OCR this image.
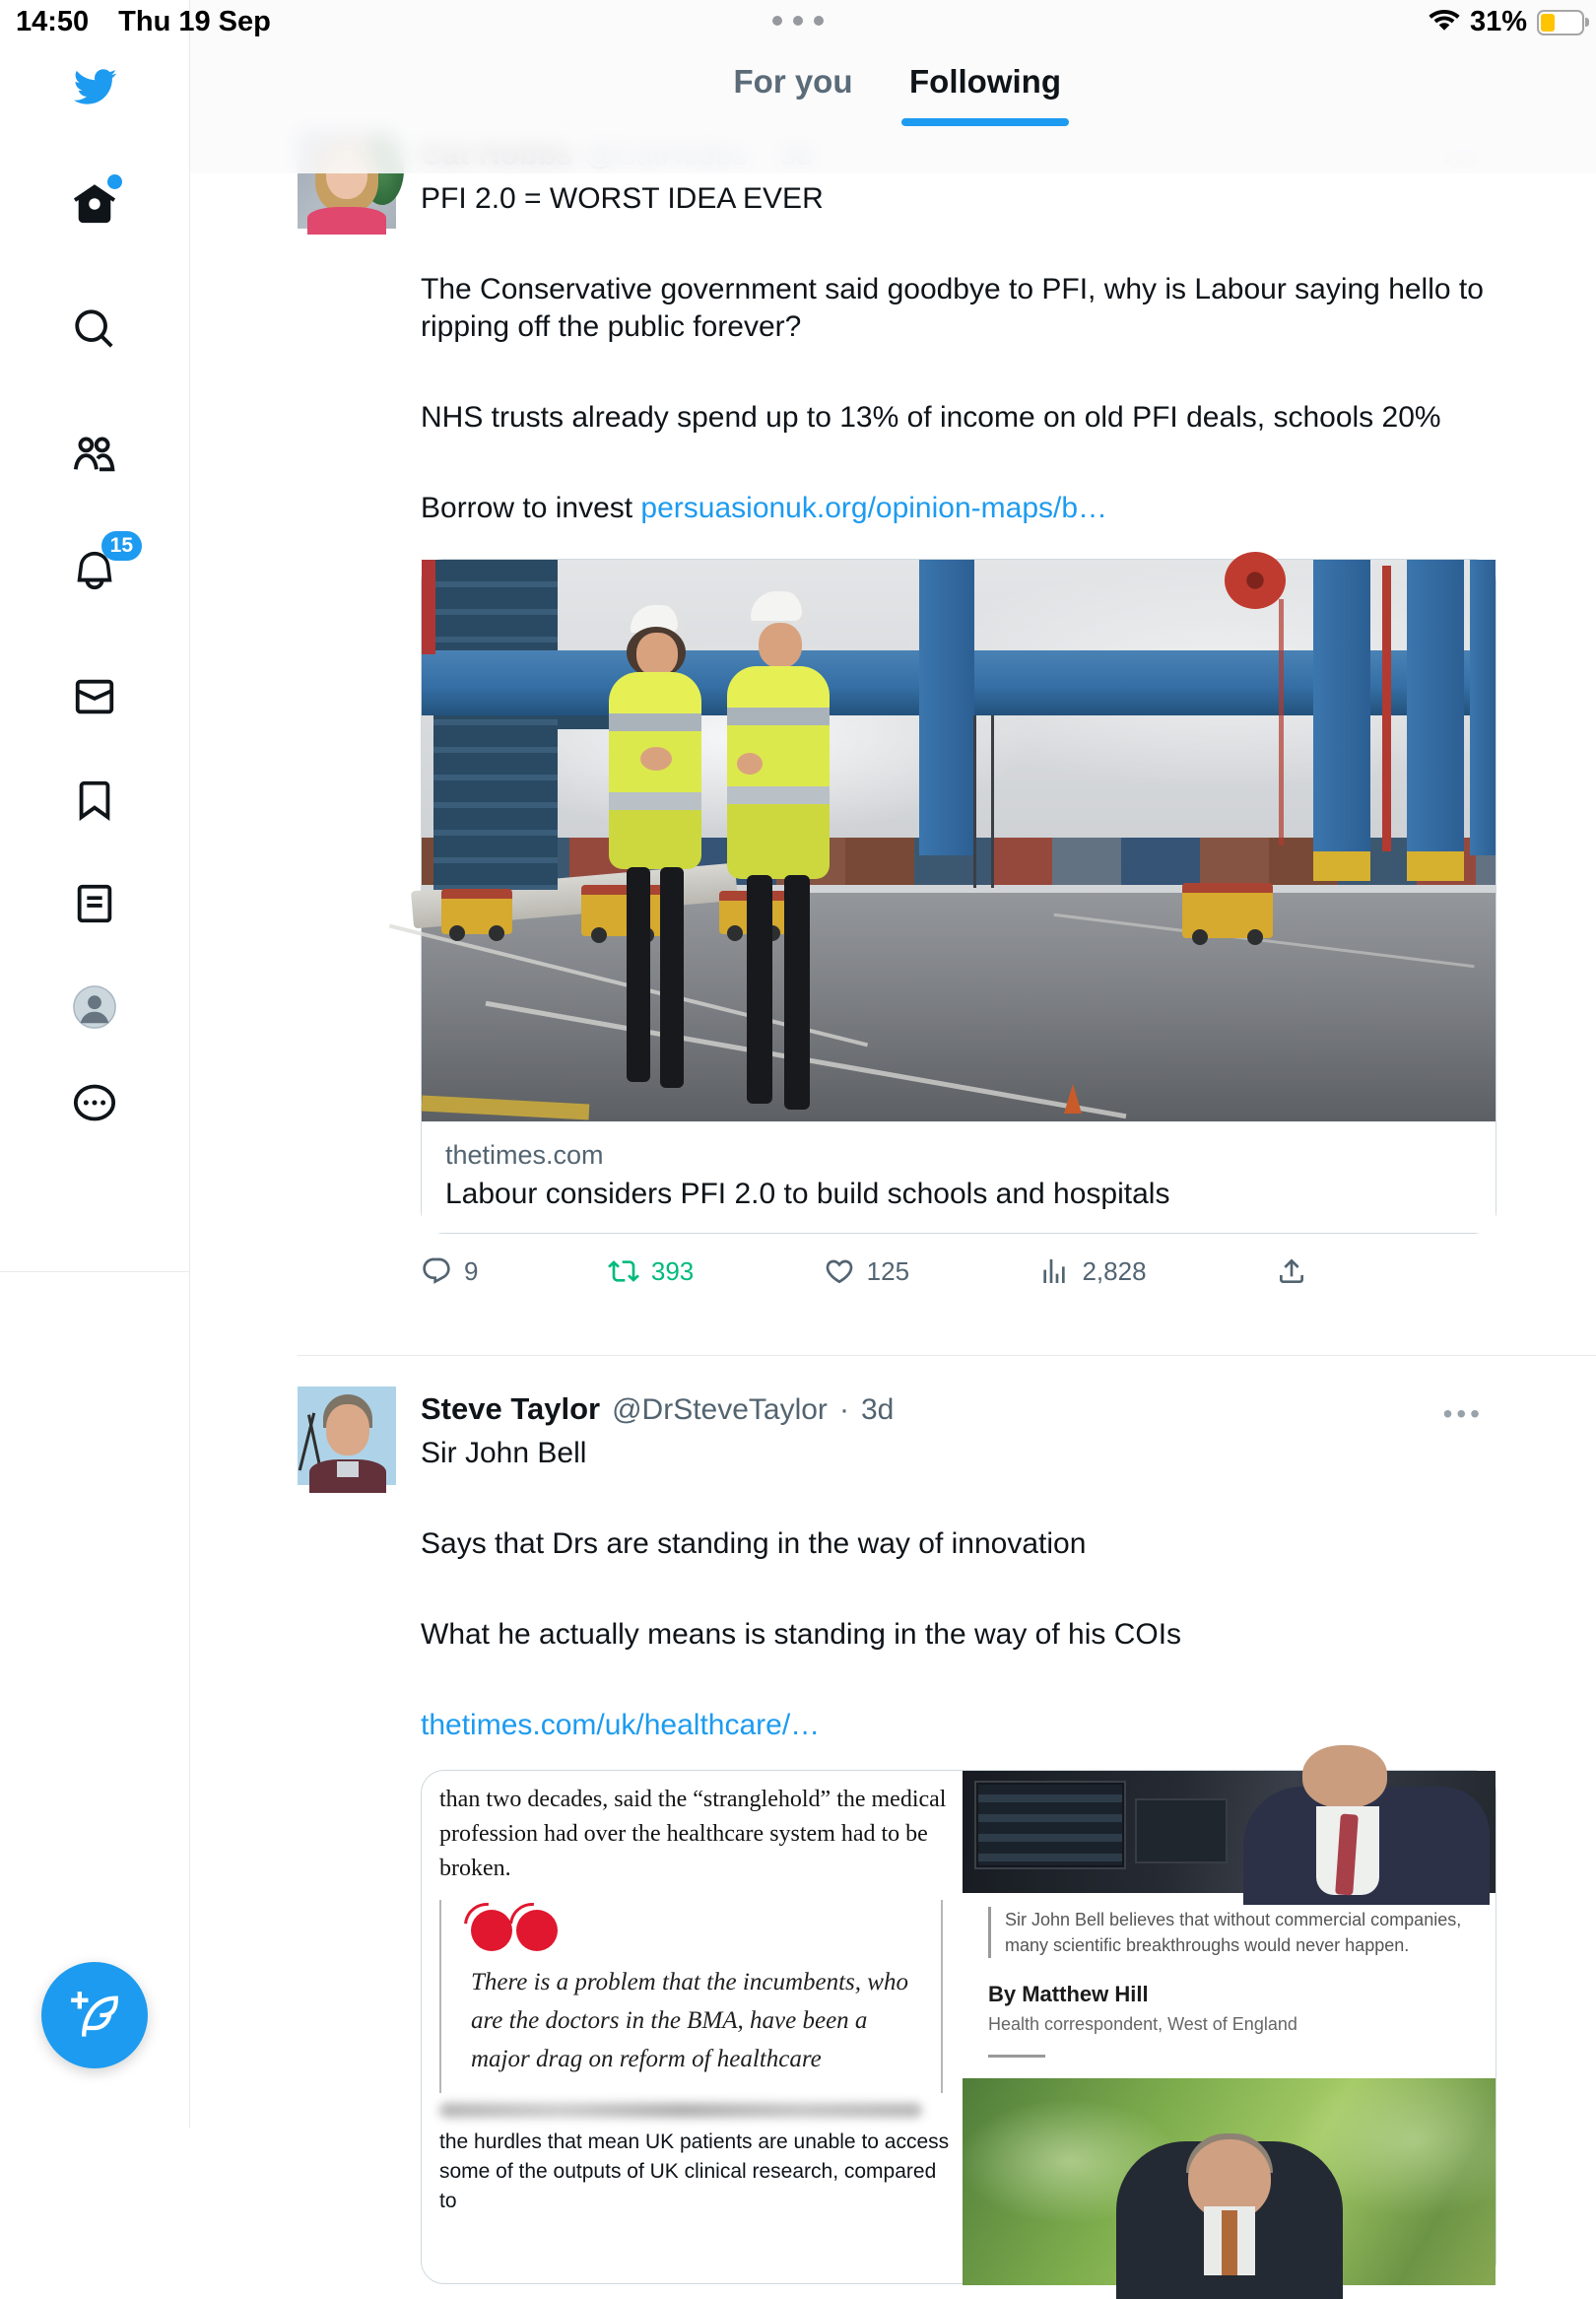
14:50 Thu 19 Sep	31%
15

PFI 2.0 = WORST IDEA EVER

The Conservative government said goodbye to PFI, why is Labour saying hello to ripping off the public forever?

NHS trusts already spend up to 13% of income on old PFI deals, schools 20%

Borrow to invest persuasionuk.org/opinion-maps/b…

thetimes.com
Labour considers PFI 2.0 to build schools and hospitals
9	393	125	2,828
•••
Steve Taylor @DrSteveTaylor · 3d

Sir John Bell

Says that Drs are standing in the way of innovation

What he actually means is standing in the way of his COIs

thetimes.com/uk/healthcare/…

than two decades, said the “stranglehold” the medical profession had over the healthcare system had to be broken.
There is a problem that the incumbents, who are the doctors in the BMA, have been a major drag on reform of healthcare
the hurdles that mean UK patients are unable to access some of the outputs of UK clinical research, compared to
Sir John Bell believes that without commercial companies, many scientific breakthroughs would never happen.
By Matthew Hill
Health correspondent, West of England
For you	Following
